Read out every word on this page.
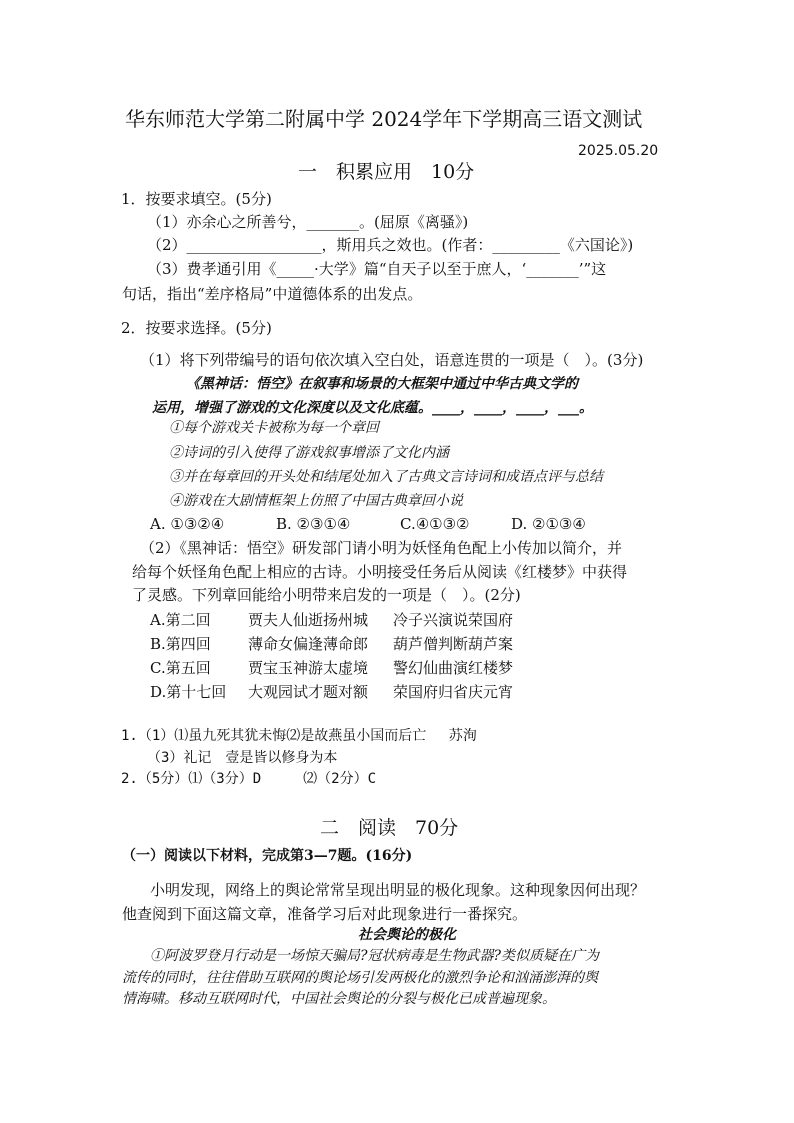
华东师范大学第二附属中学 2024学年下学期高三语文测试
2025.05.20
一　积累应用　10分
1．按要求填空。(5分)
（1）亦余心之所善兮，_______。(屈原《离骚》)
（2）__________________，斯用兵之效也。(作者：_________《六国论》)
（3）费孝通引用《_____·大学》篇“自天子以至于庶人，‘_______’”这
句话，指出“差序格局”中道德体系的出发点。
2．按要求选择。(5分)
（1）将下列带编号的语句依次填入空白处，语意连贯的一项是（　）。(3分)
《黑神话：悟空》在叙事和场景的大框架中通过中华古典文学的
运用，增强了游戏的文化深度以及文化底蕴。____，____，____，___。
①每个游戏关卡被称为每一个章回
②诗词的引入使得了游戏叙事增添了文化内涵
③并在每章回的开头处和结尾处加入了古典文言诗词和成语点评与总结
④游戏在大剧情框架上仿照了中国古典章回小说
A. ①③②④	B. ②③①④	C.④①③②	D. ②①③④
（2）《黑神话：悟空》研发部门请小明为妖怪角色配上小传加以简介，并
给每个妖怪角色配上相应的古诗。小明接受任务后从阅读《红楼梦》中获得
了灵感。下列章回能给小明带来启发的一项是（　）。(2分)
A.第二回 贾夫人仙逝扬州城 冷子兴演说荣国府
B.第四回 薄命女偏逢薄命郎 葫芦僧判断葫芦案
C.第五回 贾宝玉神游太虚境 警幻仙曲演红楼梦
D.第十七回 大观园试才题对额 荣国府归省庆元宵
1.（1）⑴虽九死其犹未悔⑵是故燕虽小国而后亡　 苏洵
（3）礼记　壹是皆以修身为本
2.（5分）⑴（3分）D　　　⑵（2分）C
二　阅读　70分
（一）阅读以下材料，完成第3—7题。(16分)
小明发现，网络上的舆论常常呈现出明显的极化现象。这种现象因何出现？
他查阅到下面这篇文章，准备学习后对此现象进行一番探究。
社会舆论的极化
①阿波罗登月行动是一场惊天骗局?冠状病毒是生物武器?类似质疑在广为
流传的同时，往往借助互联网的舆论场引发两极化的激烈争论和汹涌澎湃的舆
情海啸。移动互联网时代，中国社会舆论的分裂与极化已成普遍现象。
